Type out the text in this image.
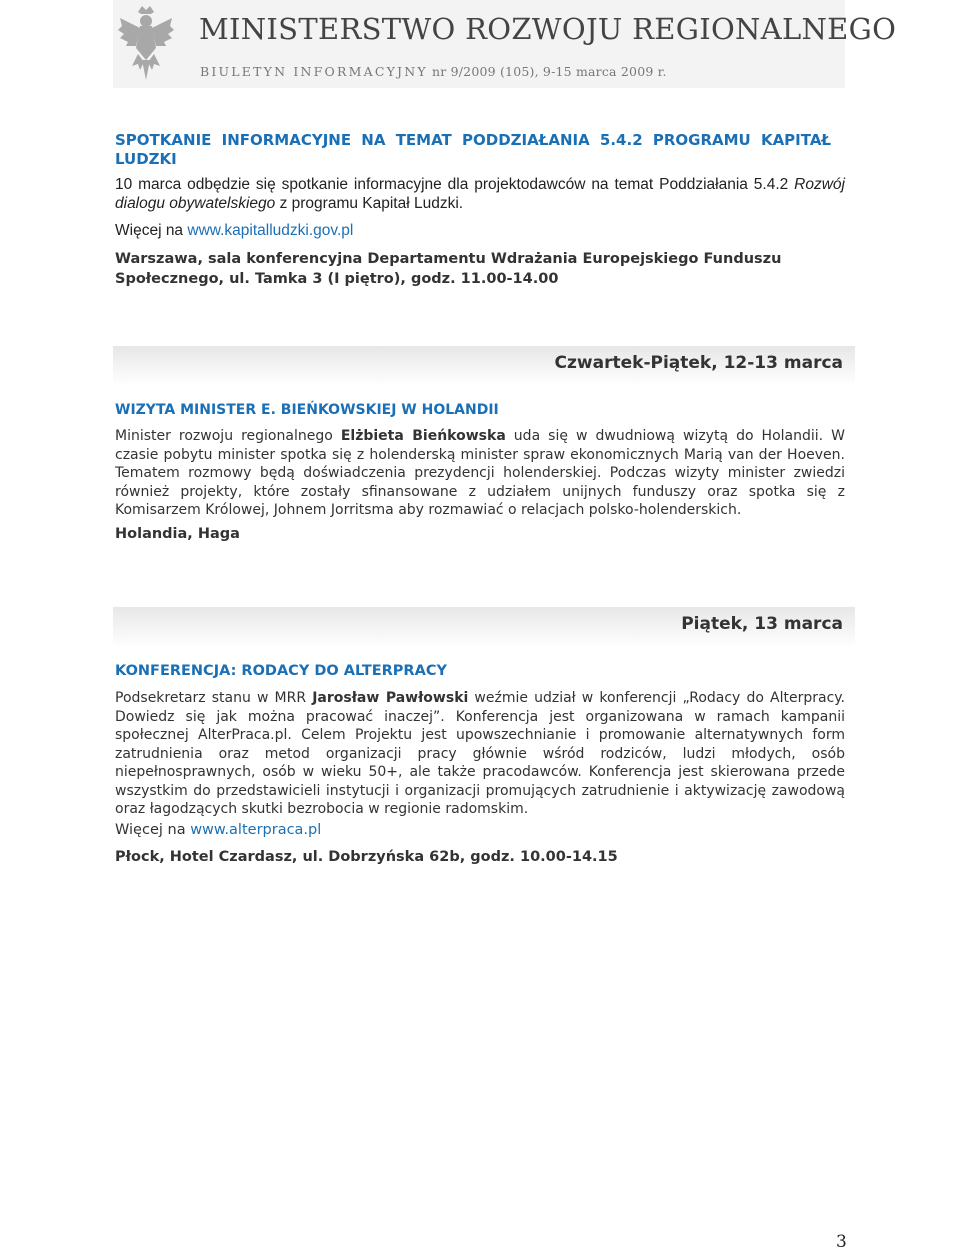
MINISTERSTWO ROZWOJU REGIONALNEGO
BIULETYN INFORMACYJNY nr 9/2009 (105), 9-15 marca 2009 r.
SPOTKANIE INFORMACYJNE NA TEMAT PODDZIAŁANIA 5.4.2 PROGRAMU KAPITAŁ LUDZKI
10 marca odbędzie się spotkanie informacyjne dla projektodawców na temat Poddziałania 5.4.2 Rozwój dialogu obywatelskiego z programu Kapitał Ludzki.
Więcej na www.kapitalludzki.gov.pl
Warszawa, sala konferencyjna Departamentu Wdrażania Europejskiego Funduszu Społecznego, ul. Tamka 3 (I piętro), godz. 11.00-14.00
Czwartek-Piątek, 12-13 marca
WIZYTA MINISTER E. BIEŃKOWSKIEJ W HOLANDII
Minister rozwoju regionalnego Elżbieta Bieńkowska uda się w dwudniową wizytą do Holandii. W czasie pobytu minister spotka się z holenderską minister spraw ekonomicznych Marią van der Hoeven. Tematem rozmowy będą doświadczenia prezydencji holenderskiej. Podczas wizyty minister zwiedzi również projekty, które zostały sfinansowane z udziałem unijnych funduszy oraz spotka się z Komisarzem Królowej, Johnem Jorritsma aby rozmawiać o relacjach polsko-holenderskich.
Holandia, Haga
Piątek, 13 marca
KONFERENCJA: RODACY DO ALTERPRACY
Podsekretarz stanu w MRR Jarosław Pawłowski weźmie udział w konferencji „Rodacy do Alterpracy. Dowiedz się jak można pracować inaczej”. Konferencja jest organizowana w ramach kampanii społecznej AlterPraca.pl. Celem Projektu jest upowszechnianie i promowanie alternatywnych form zatrudnienia oraz metod organizacji pracy głównie wśród rodziców, ludzi młodych, osób niepełnosprawnych, osób w wieku 50+, ale także pracodawców. Konferencja jest skierowana przede wszystkim do przedstawicieli instytucji i organizacji promujących zatrudnienie i aktywizację zawodową oraz łagodzących skutki bezrobocia w regionie radomskim.
Więcej na www.alterpraca.pl
Płock, Hotel Czardasz, ul. Dobrzyńska 62b, godz. 10.00-14.15
3
